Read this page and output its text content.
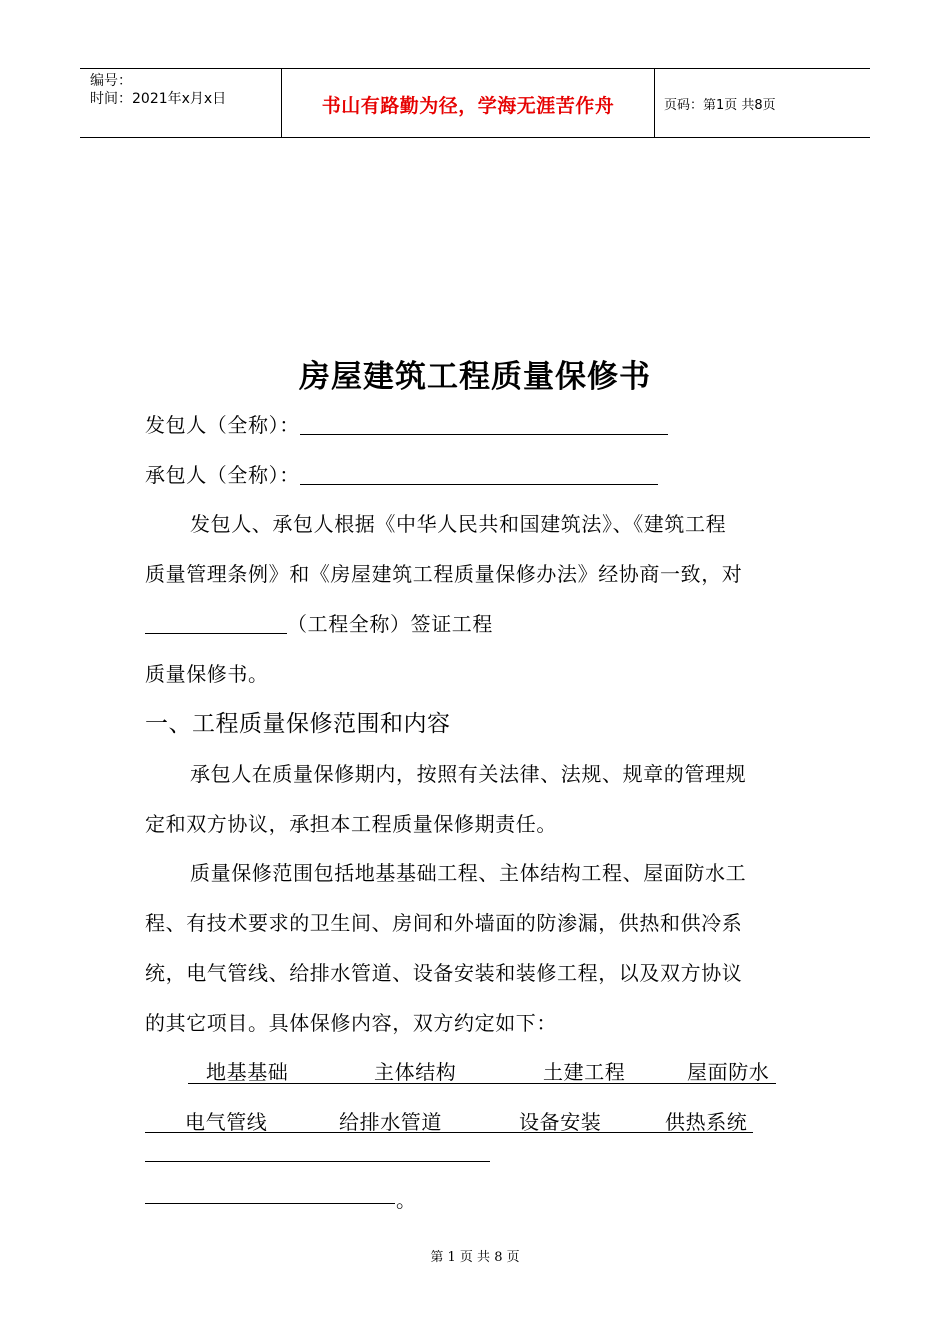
编号：
时间：2021年x月x日	书山有路勤为径，学海无涯苦作舟	页码：第1页 共8页
房屋建筑工程质量保修书
发包人（全称）：
承包人（全称）：
发包人、承包人根据《中华人民共和国建筑法》、《建筑工程
质量管理条例》和《房屋建筑工程质量保修办法》经协商一致，对
（工程全称）签证工程
质量保修书。
一、工程质量保修范围和内容
承包人在质量保修期内，按照有关法律、法规、规章的管理规
定和双方协议，承担本工程质量保修期责任。
质量保修范围包括地基基础工程、主体结构工程、屋面防水工
程、有技术要求的卫生间、房间和外墙面的防渗漏，供热和供冷系
统，电气管线、给排水管道、设备安装和装修工程，以及双方协议
的其它项目。具体保修内容，双方约定如下：
地基基础	主体结构	土建工程	屋面防水
电气管线	给排水管道	设备安装	供热系统
。
第 1 页 共 8 页
